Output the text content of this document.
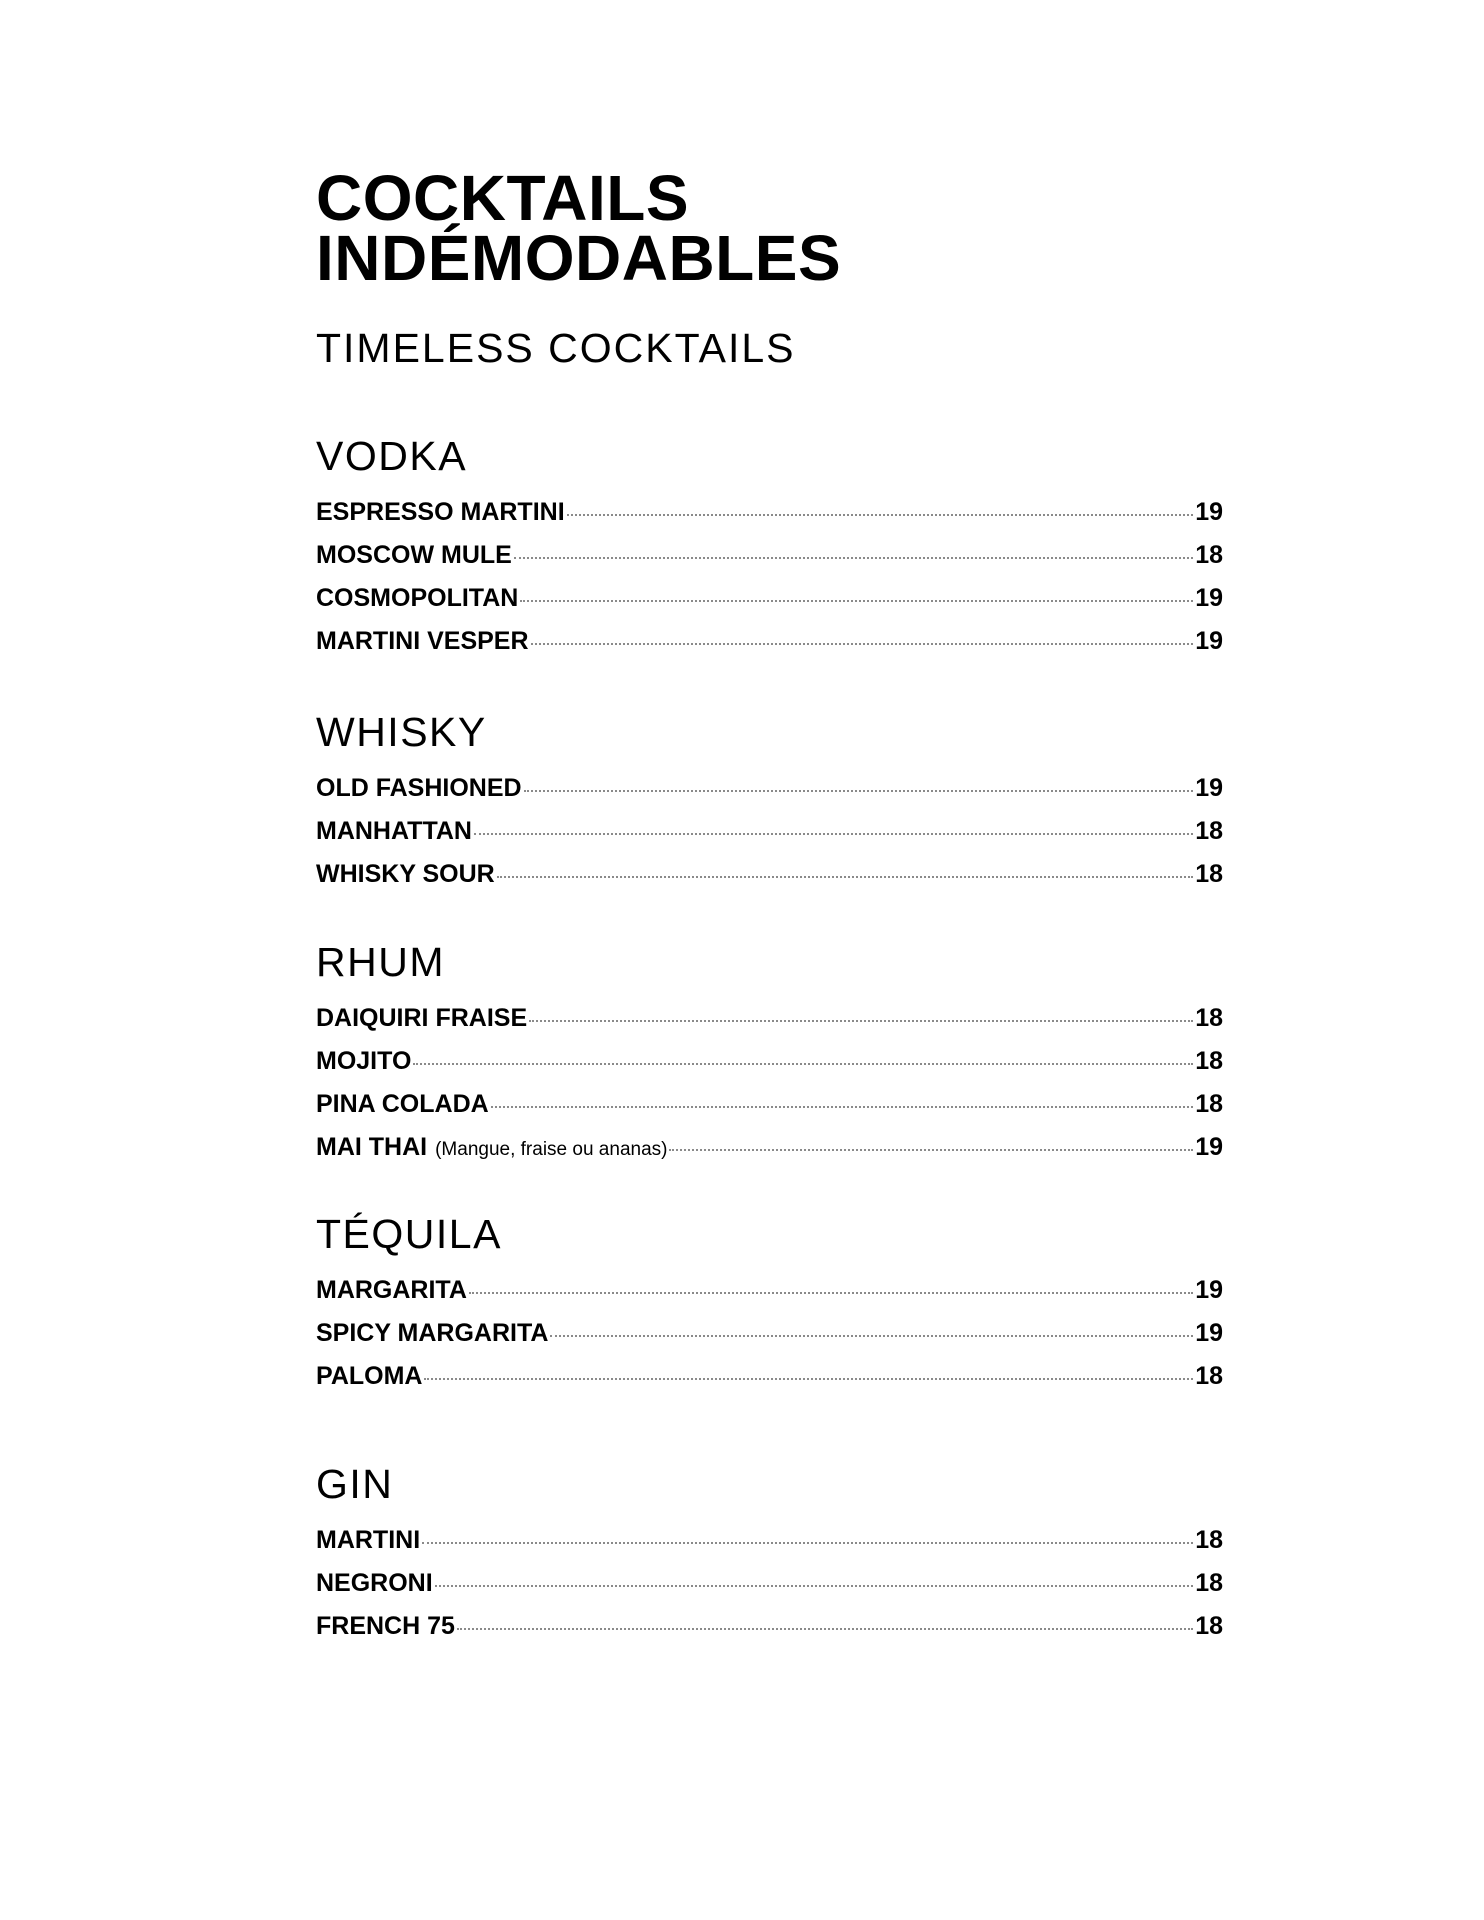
COCKTAILS
INDÉMODABLES
TIMELESS COCKTAILS
VODKA
ESPRESSO MARTINI	19
MOSCOW MULE	18
COSMOPOLITAN	19
MARTINI VESPER	19
WHISKY
OLD FASHIONED	19
MANHATTAN	18
WHISKY SOUR	18
RHUM
DAIQUIRI FRAISE	18
MOJITO	18
PINA COLADA	18
MAI THAI (Mangue, fraise ou ananas)	19
TÉQUILA
MARGARITA	19
SPICY MARGARITA	19
PALOMA	18
GIN
MARTINI	18
NEGRONI	18
FRENCH 75	18
